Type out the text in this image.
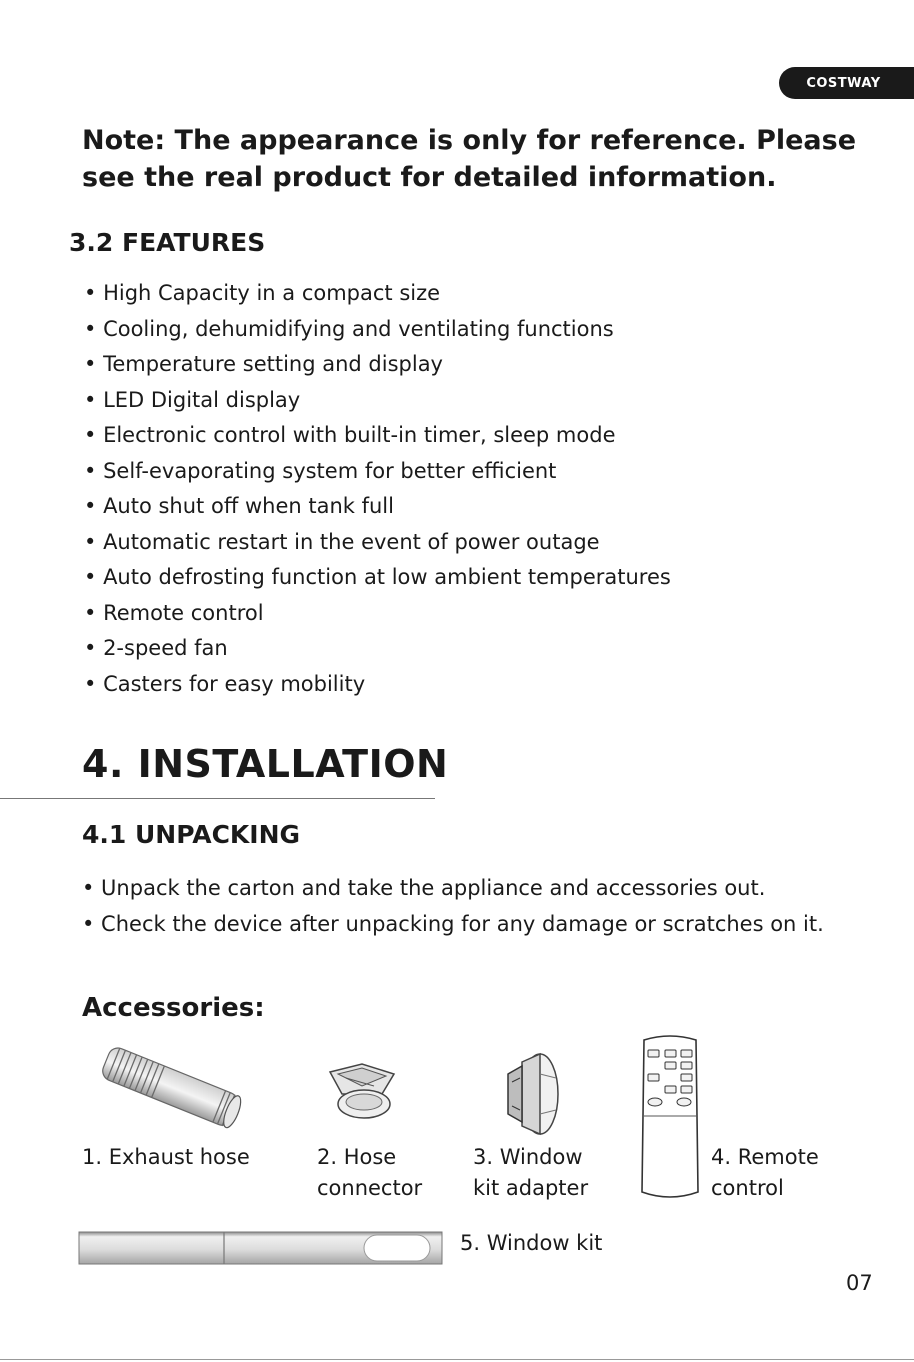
COSTWAY

Note: The appearance is only for reference. Please see the real product for detailed information.

3.2 FEATURES
• High Capacity in a compact size
• Cooling, dehumidifying and ventilating functions
• Temperature setting and display
• LED Digital display
• Electronic control with built-in timer, sleep mode
• Self-evaporating system for better efficient
• Auto shut off when tank full
• Automatic restart in the event of power outage
• Auto defrosting function at low ambient temperatures
• Remote control
• 2-speed fan
• Casters for easy mobility
4. INSTALLATION
4.1 UNPACKING

• Unpack the carton and take the appliance and accessories out.

• Check the device after unpacking for any damage or scratches on it.

Accessories:
1. Exhaust hose	2. Hose
connector
3. Window
kit adapter
4. Remote
control
5. Window kit
07
